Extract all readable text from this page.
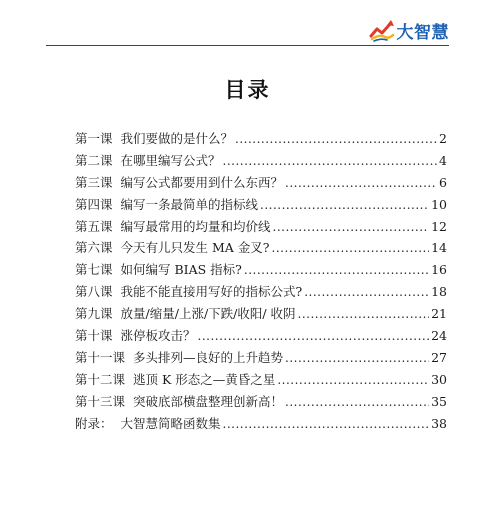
大智慧
目录
第一课 我们要做的是什么？ .....	2
第二课 在哪里编写公式？ .....	4
第三课 编写公式都要用到什么东西？ .....	6
第四课 编写一条最简单的指标线 .....	10
第五课 编写最常用的均量和均价线 .....	12
第六课 今天有儿只发生 MA 金叉? .....	14
第七课 如何编写 BIAS 指标? .....	16
第八课 我能不能直接用写好的指标公式? .....	18
第九课 放量/缩量/上涨/下跌/收阳/ 收阴 .....	21
第十课 涨停板攻击？ .....	24
第十一课 多头排列—良好的上升趋势 .....	27
第十二课 逃顶 K 形态之—黄昏之星 .....	30
第十三课 突破底部横盘整理创新高！ .....	35
附录： 大智慧简略函数集 .....	38
